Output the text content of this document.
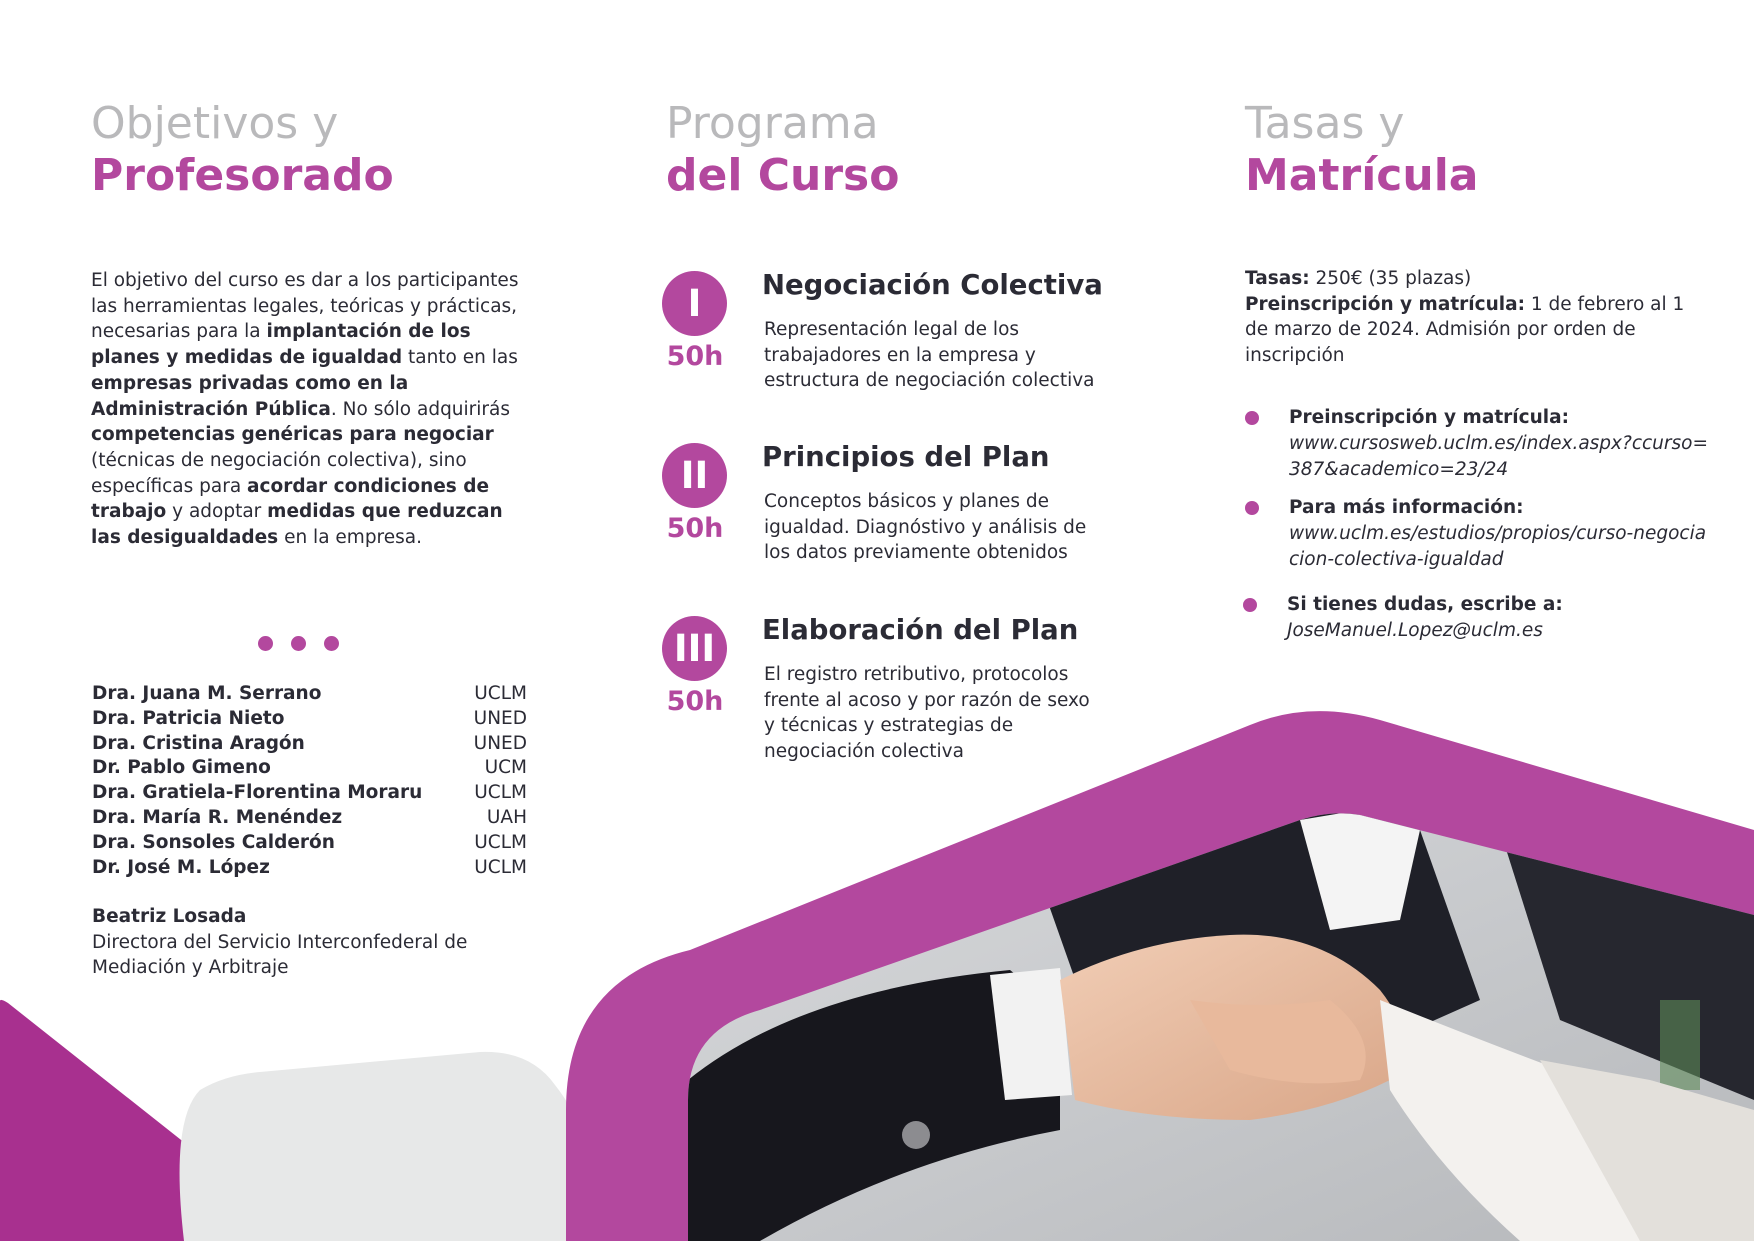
Objetivos y
Profesorado
El objetivo del curso es dar a los participantes las herramientas legales, teóricas y prácticas, necesarias para la implantación de los planes y medidas de igualdad tanto en las empresas privadas como en la Administración Pública. No sólo adquirirás competencias genéricas para negociar (técnicas de negociación colectiva), sino específicas para acordar condiciones de trabajo y adoptar medidas que reduzcan las desigualdades en la empresa.
Dra. Juana M. Serrano	UCLM
Dra. Patricia Nieto	UNED
Dra. Cristina Aragón	UNED
Dr. Pablo Gimeno	UCM
Dra. Gratiela-Florentina Moraru	UCLM
Dra. María R. Menéndez	UAH
Dra. Sonsoles Calderón	UCLM
Dr. José M. López	UCLM
Beatriz Losada
Directora del Servicio Interconfederal de Mediación y Arbitraje
Programa
del Curso
I
50h
Negociación Colectiva
Representación legal de los trabajadores en la empresa y estructura de negociación colectiva
II
50h
Principios del Plan
Conceptos básicos y planes de igualdad. Diagnóstivo y análisis de los datos previamente obtenidos
III
50h
Elaboración del Plan
El registro retributivo, protocolos frente al acoso y por razón de sexo y técnicas y estrategias de negociación colectiva
Tasas y
Matrícula
Tasas: 250€ (35 plazas)
Preinscripción y matrícula: 1 de febrero al 1 de marzo de 2024. Admisión por orden de inscripción
Preinscripción y matrícula:
www.cursosweb.uclm.es/index.aspx?ccurso=387&academico=23/24
Para más información:
www.uclm.es/estudios/propios/curso-negociacion-colectiva-igualdad
Si tienes dudas, escribe a:
JoseManuel.Lopez@uclm.es
